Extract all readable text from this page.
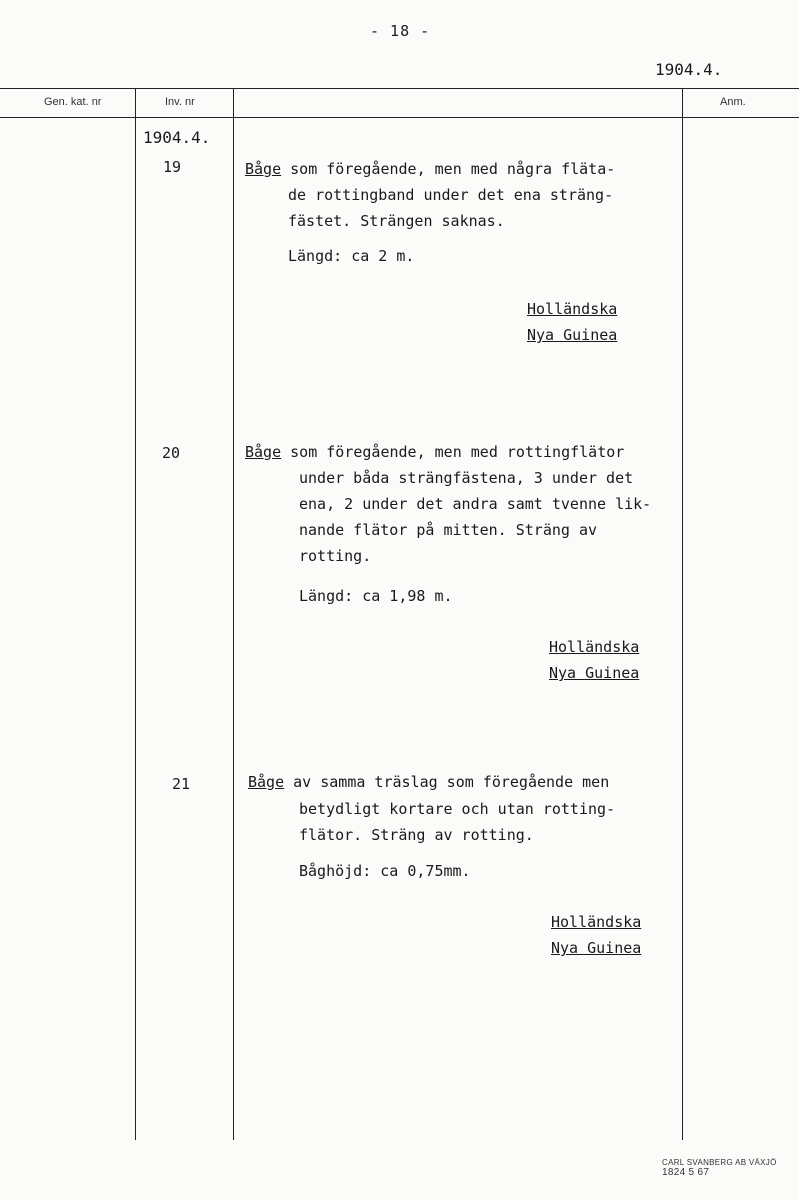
- 18 -
1904.4.
Gen. kat. nr	Inv. nr	Anm.
1904.4.
19	Båge som föregående, men med några fläta-
de rottingband under det ena sträng-
fästet. Strängen saknas.
Längd: ca 2 m.
Holländska
Nya Guinea
20	Båge som föregående, men med rottingflätor
under båda strängfästena, 3 under det
ena, 2 under det andra samt tvenne lik-
nande flätor på mitten. Sträng av
rotting.
Längd: ca 1,98 m.
Holländska
Nya Guinea
21	Båge av samma träslag som föregående men
betydligt kortare och utan rotting-
flätor. Sträng av rotting.
Båghöjd: ca 0,75mm.
Holländska
Nya Guinea
CARL SVANBERG AB VÄXJÖ 1824 5 67
